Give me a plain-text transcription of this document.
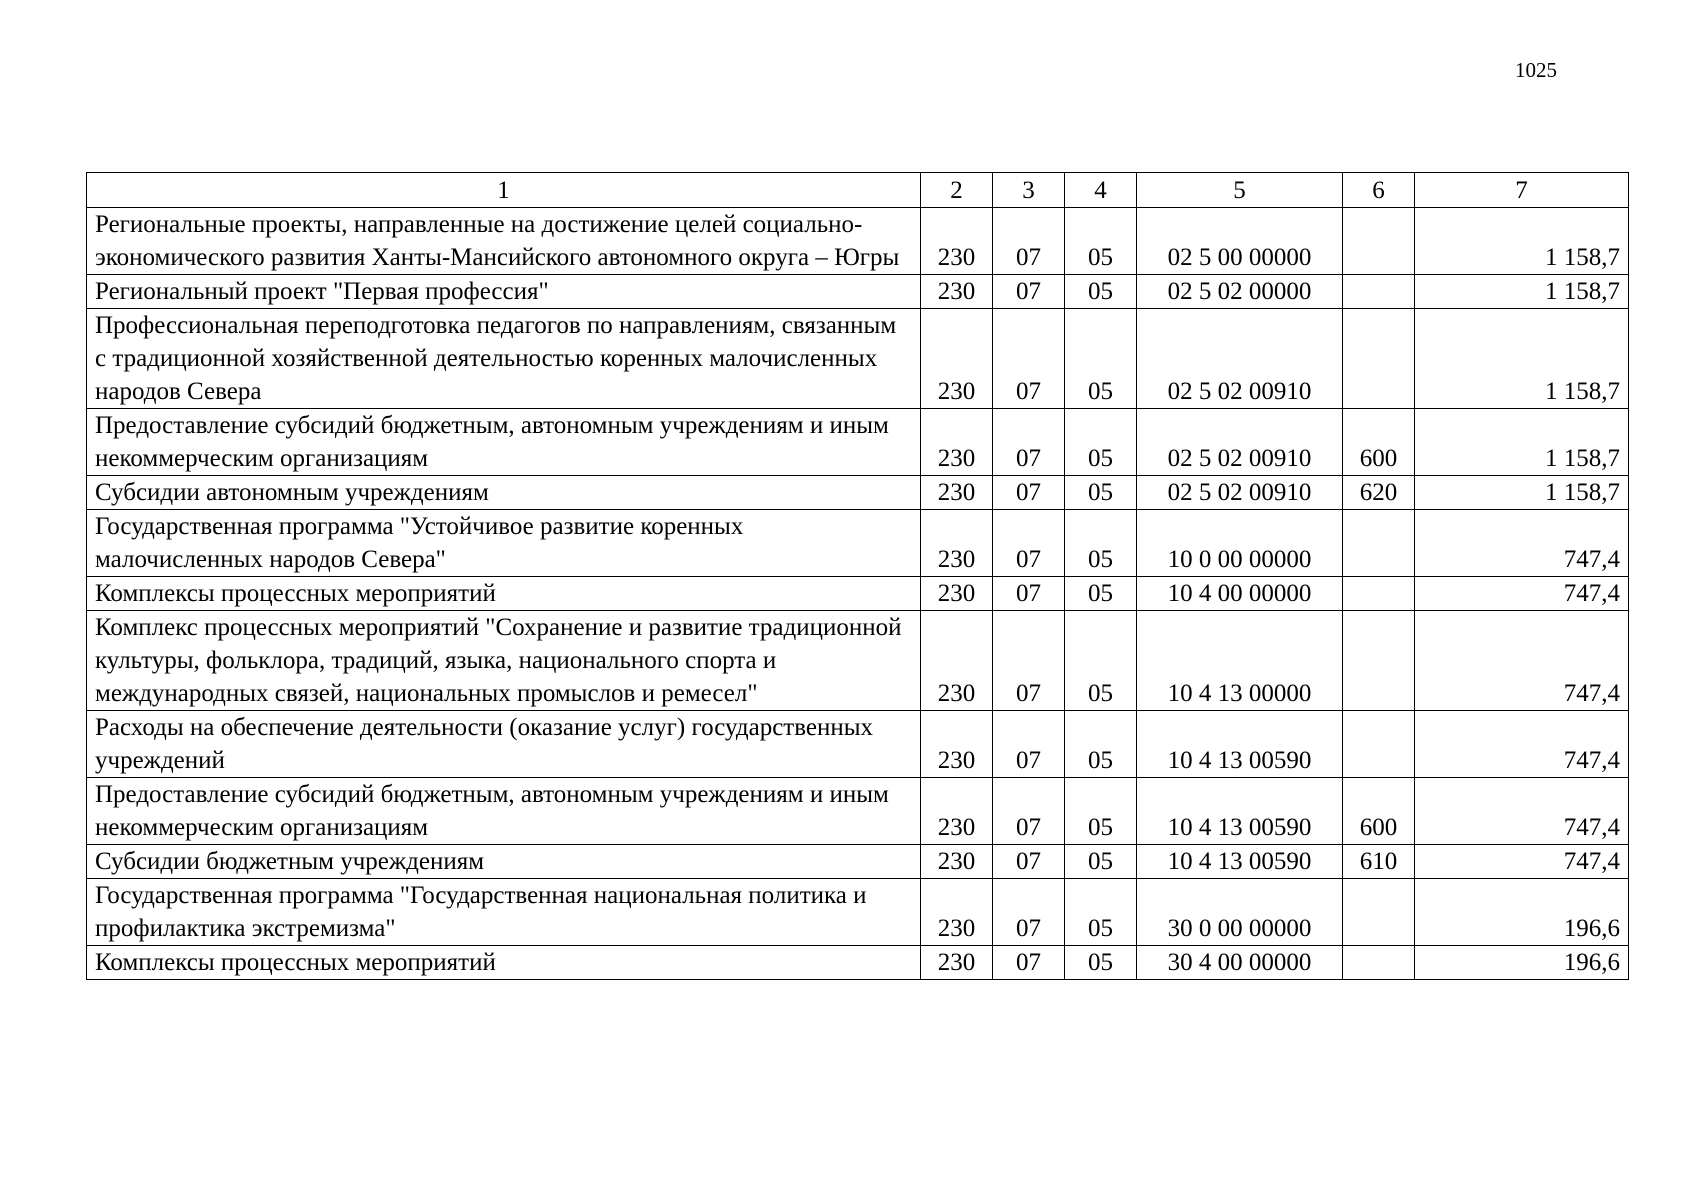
1025
1	2	3	4	5	6	7
Региональные проекты, направленные на достижение целей социально-экономического развития Ханты-Мансийского автономного округа – Югры	230	07	05	02 5 00 00000		1 158,7
Региональный проект "Первая профессия"	230	07	05	02 5 02 00000		1 158,7
Профессиональная переподготовка педагогов по направлениям, связанным с традиционной хозяйственной деятельностью коренных малочисленных народов Севера	230	07	05	02 5 02 00910		1 158,7
Предоставление субсидий бюджетным, автономным учреждениям и иным некоммерческим организациям	230	07	05	02 5 02 00910	600	1 158,7
Субсидии автономным учреждениям	230	07	05	02 5 02 00910	620	1 158,7
Государственная программа "Устойчивое развитие коренных малочисленных народов Севера"	230	07	05	10 0 00 00000		747,4
Комплексы процессных мероприятий	230	07	05	10 4 00 00000		747,4
Комплекс процессных мероприятий "Сохранение и развитие традиционной культуры, фольклора, традиций, языка, национального спорта и международных связей, национальных промыслов и ремесел"	230	07	05	10 4 13 00000		747,4
Расходы на обеспечение деятельности (оказание услуг) государственных учреждений	230	07	05	10 4 13 00590		747,4
Предоставление субсидий бюджетным, автономным учреждениям и иным некоммерческим организациям	230	07	05	10 4 13 00590	600	747,4
Субсидии бюджетным учреждениям	230	07	05	10 4 13 00590	610	747,4
Государственная программа "Государственная национальная политика и профилактика экстремизма"	230	07	05	30 0 00 00000		196,6
Комплексы процессных мероприятий	230	07	05	30 4 00 00000		196,6
